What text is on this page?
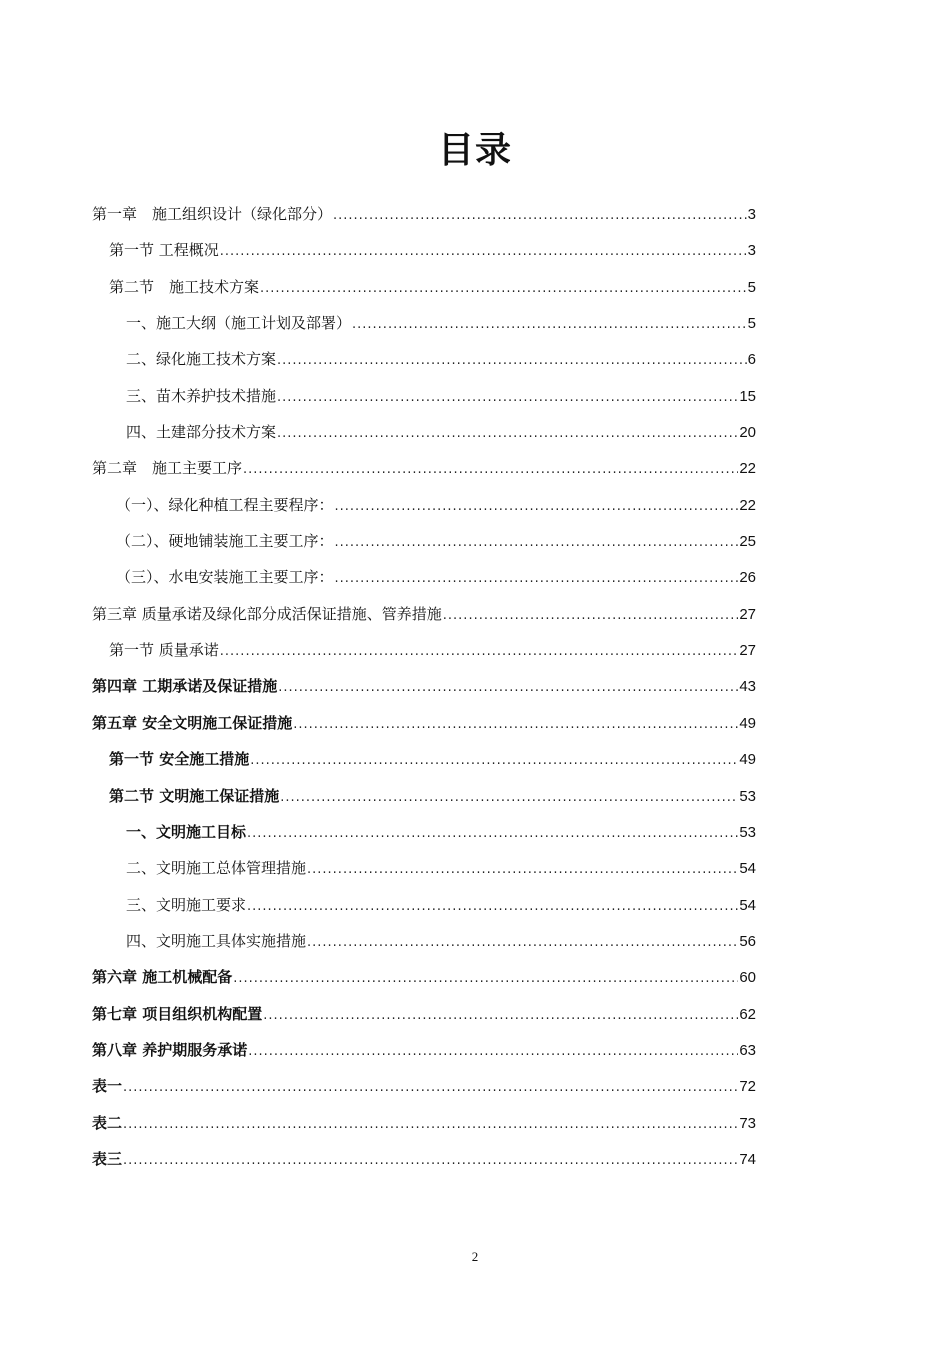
目录
第一章　施工组织设计（绿化部分） .....	3
第一节 工程概况 .....	3
第二节　施工技术方案 .....	5
一、施工大纲（施工计划及部署） .....	5
二、绿化施工技术方案 .....	6
三、苗木养护技术措施 .....	15
四、土建部分技术方案 .....	20
第二章　施工主要工序 .....	22
（一）、绿化种植工程主要程序： .....	22
（二）、硬地铺装施工主要工序： .....	25
（三）、水电安装施工主要工序： .....	26
第三章 质量承诺及绿化部分成活保证措施、管养措施 .....	27
第一节 质量承诺 .....	27
第四章 工期承诺及保证措施 .....	43
第五章 安全文明施工保证措施 .....	49
第一节 安全施工措施 .....	49
第二节 文明施工保证措施 .....	53
一、文明施工目标 .....	53
二、文明施工总体管理措施 .....	54
三、文明施工要求 .....	54
四、文明施工具体实施措施 .....	56
第六章 施工机械配备 .....	60
第七章 项目组织机构配置 .....	62
第八章 养护期服务承诺 .....	63
表一 .....	72
表二 .....	73
表三 .....	74
2
